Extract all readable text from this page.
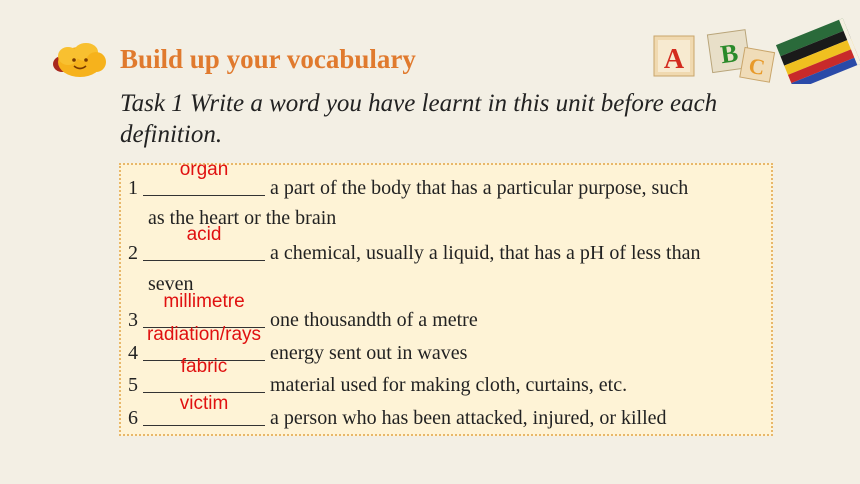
Build up your vocabulary
Task 1 Write a word you have learnt in this unit before each definition.
A B C
1
organ
a part of the body that has a particular purpose, such
as the heart or the brain
2
acid
a chemical, usually a liquid, that has a pH of less than
seven
3
millimetre
one thousandth of a metre
4
radiation/rays
energy sent out in waves
5
fabric
material used for making cloth, curtains, etc.
6
victim
a person who has been attacked, injured, or killed
